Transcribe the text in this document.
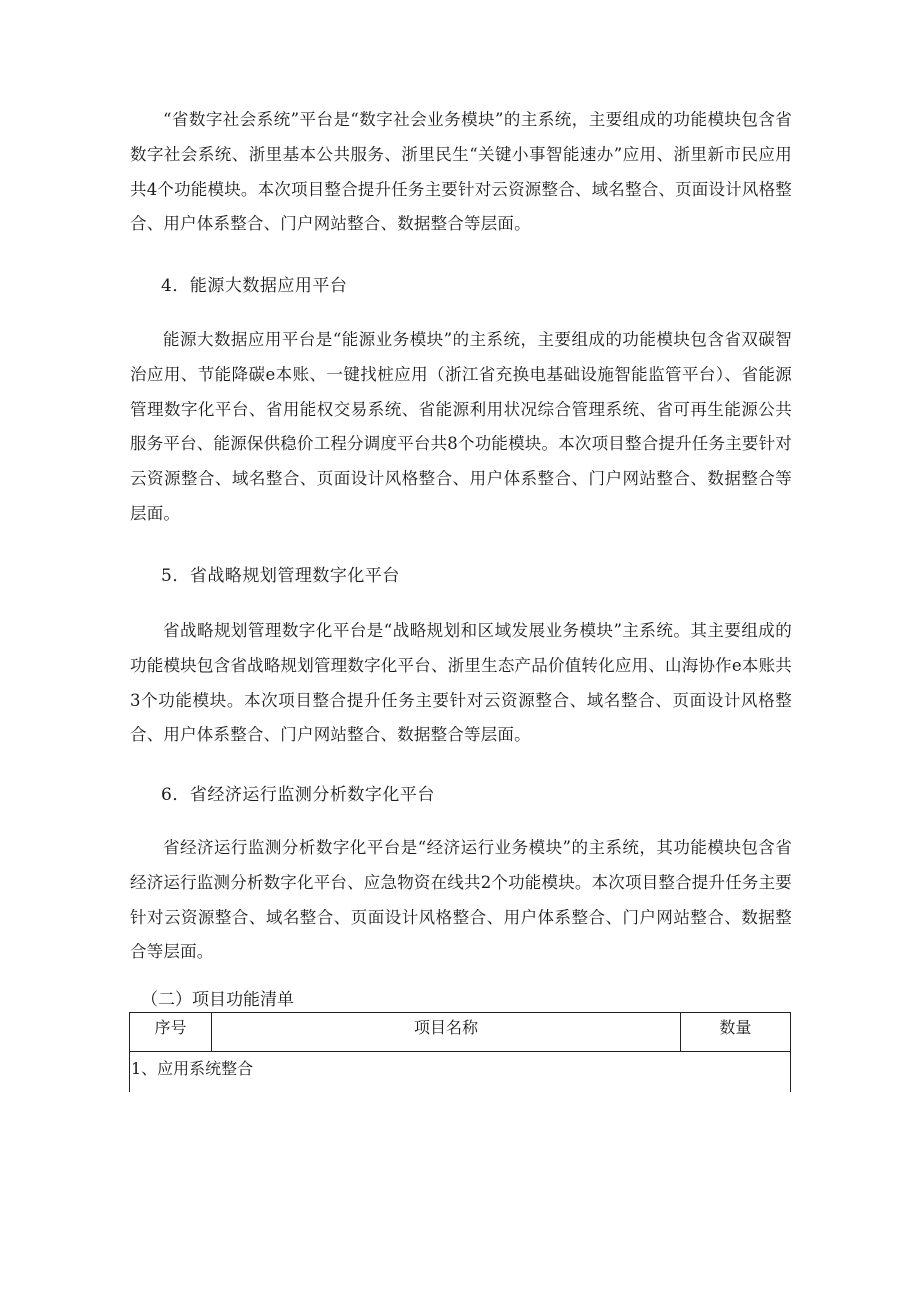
“省数字社会系统”平台是“数字社会业务模块”的主系统，主要组成的功能模块包含省数字社会系统、浙里基本公共服务、浙里民生“关键小事智能速办”应用、浙里新市民应用共4个功能模块。本次项目整合提升任务主要针对云资源整合、域名整合、页面设计风格整合、用户体系整合、门户网站整合、数据整合等层面。

4．能源大数据应用平台

能源大数据应用平台是“能源业务模块”的主系统，主要组成的功能模块包含省双碳智治应用、节能降碳e本账、一键找桩应用（浙江省充换电基础设施智能监管平台）、省能源管理数字化平台、省用能权交易系统、省能源利用状况综合管理系统、省可再生能源公共服务平台、能源保供稳价工程分调度平台共8个功能模块。本次项目整合提升任务主要针对云资源整合、域名整合、页面设计风格整合、用户体系整合、门户网站整合、数据整合等层面。

5．省战略规划管理数字化平台

省战略规划管理数字化平台是“战略规划和区域发展业务模块”主系统。其主要组成的功能模块包含省战略规划管理数字化平台、浙里生态产品价值转化应用、山海协作e本账共3个功能模块。本次项目整合提升任务主要针对云资源整合、域名整合、页面设计风格整合、用户体系整合、门户网站整合、数据整合等层面。

6．省经济运行监测分析数字化平台

省经济运行监测分析数字化平台是“经济运行业务模块”的主系统，其功能模块包含省经济运行监测分析数字化平台、应急物资在线共2个功能模块。本次项目整合提升任务主要针对云资源整合、域名整合、页面设计风格整合、用户体系整合、门户网站整合、数据整合等层面。

（二）项目功能清单

序号	项目名称	数量
1、应用系统整合
